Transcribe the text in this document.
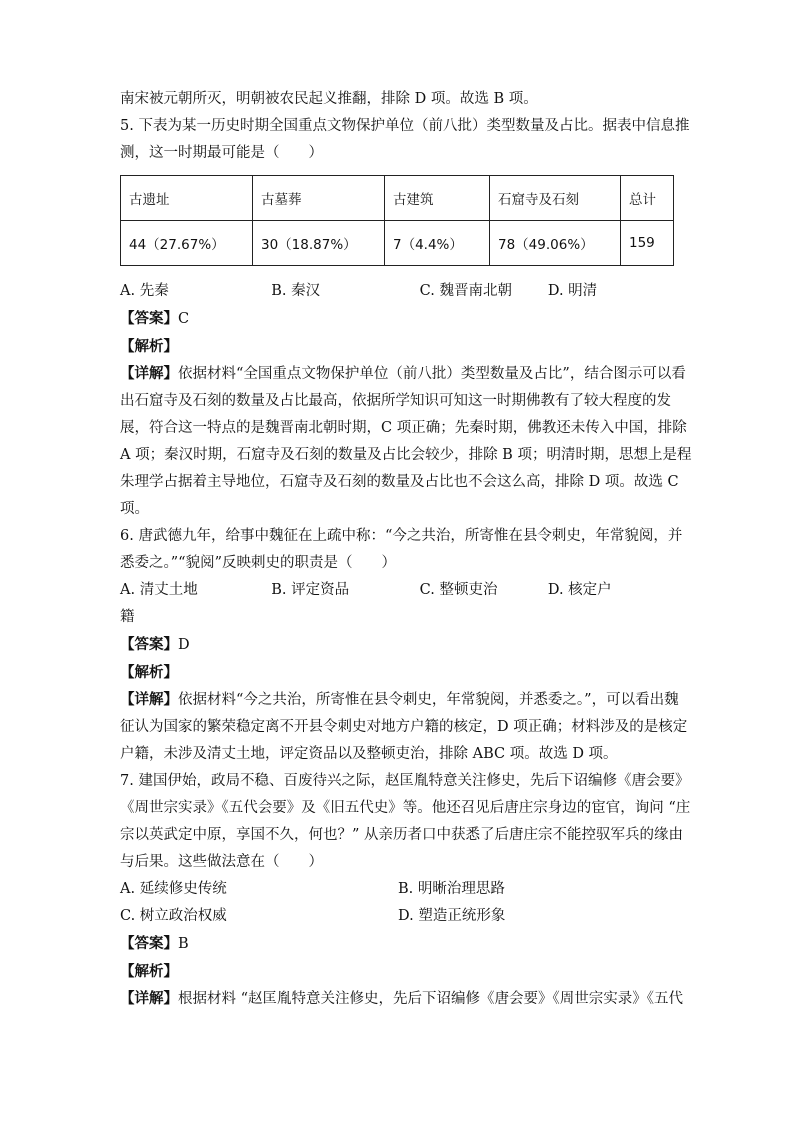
南宋被元朝所灭，明朝被农民起义推翻，排除 D 项。故选 B 项。
5. 下表为某一历史时期全国重点文物保护单位（前八批）类型数量及占比。据表中信息推
测，这一时期最可能是（　　）
古遗址	古墓葬	古建筑	石窟寺及石刻	总计
44（27.67%）	30（18.87%）	7（4.4%）	78（49.06%）	159
A. 先秦	B. 秦汉	C. 魏晋南北朝	D. 明清
【答案】C
【解析】
【详解】依据材料“全国重点文物保护单位（前八批）类型数量及占比”，结合图示可以看
出石窟寺及石刻的数量及占比最高，依据所学知识可知这一时期佛教有了较大程度的发
展，符合这一特点的是魏晋南北朝时期，C 项正确；先秦时期，佛教还未传入中国，排除
A 项；秦汉时期，石窟寺及石刻的数量及占比会较少，排除 B 项；明清时期，思想上是程
朱理学占据着主导地位，石窟寺及石刻的数量及占比也不会这么高，排除 D 项。故选 C
项。
6. 唐武德九年，给事中魏征在上疏中称：“今之共治，所寄惟在县令刺史，年常貌阅，并
悉委之。”“貌阅”反映刺史的职责是（　　）
A. 清丈土地	B. 评定资品	C. 整顿吏治	D. 核定户
籍
【答案】D
【解析】
【详解】依据材料“今之共治，所寄惟在县令刺史，年常貌阅，并悉委之。”，可以看出魏
征认为国家的繁荣稳定离不开县令刺史对地方户籍的核定，D 项正确；材料涉及的是核定
户籍，未涉及清丈土地，评定资品以及整顿吏治，排除 ABC 项。故选 D 项。
7. 建国伊始，政局不稳、百废待兴之际，赵匡胤特意关注修史，先后下诏编修《唐会要》
《周世宗实录》《五代会要》及《旧五代史》等。他还召见后唐庄宗身边的宦官，询问 “庄
宗以英武定中原，享国不久，何也？” 从亲历者口中获悉了后唐庄宗不能控驭军兵的缘由
与后果。这些做法意在（　　）
A. 延续修史传统	B. 明晰治理思路
C. 树立政治权威	D. 塑造正统形象
【答案】B
【解析】
【详解】根据材料 “赵匡胤特意关注修史，先后下诏编修《唐会要》《周世宗实录》《五代
